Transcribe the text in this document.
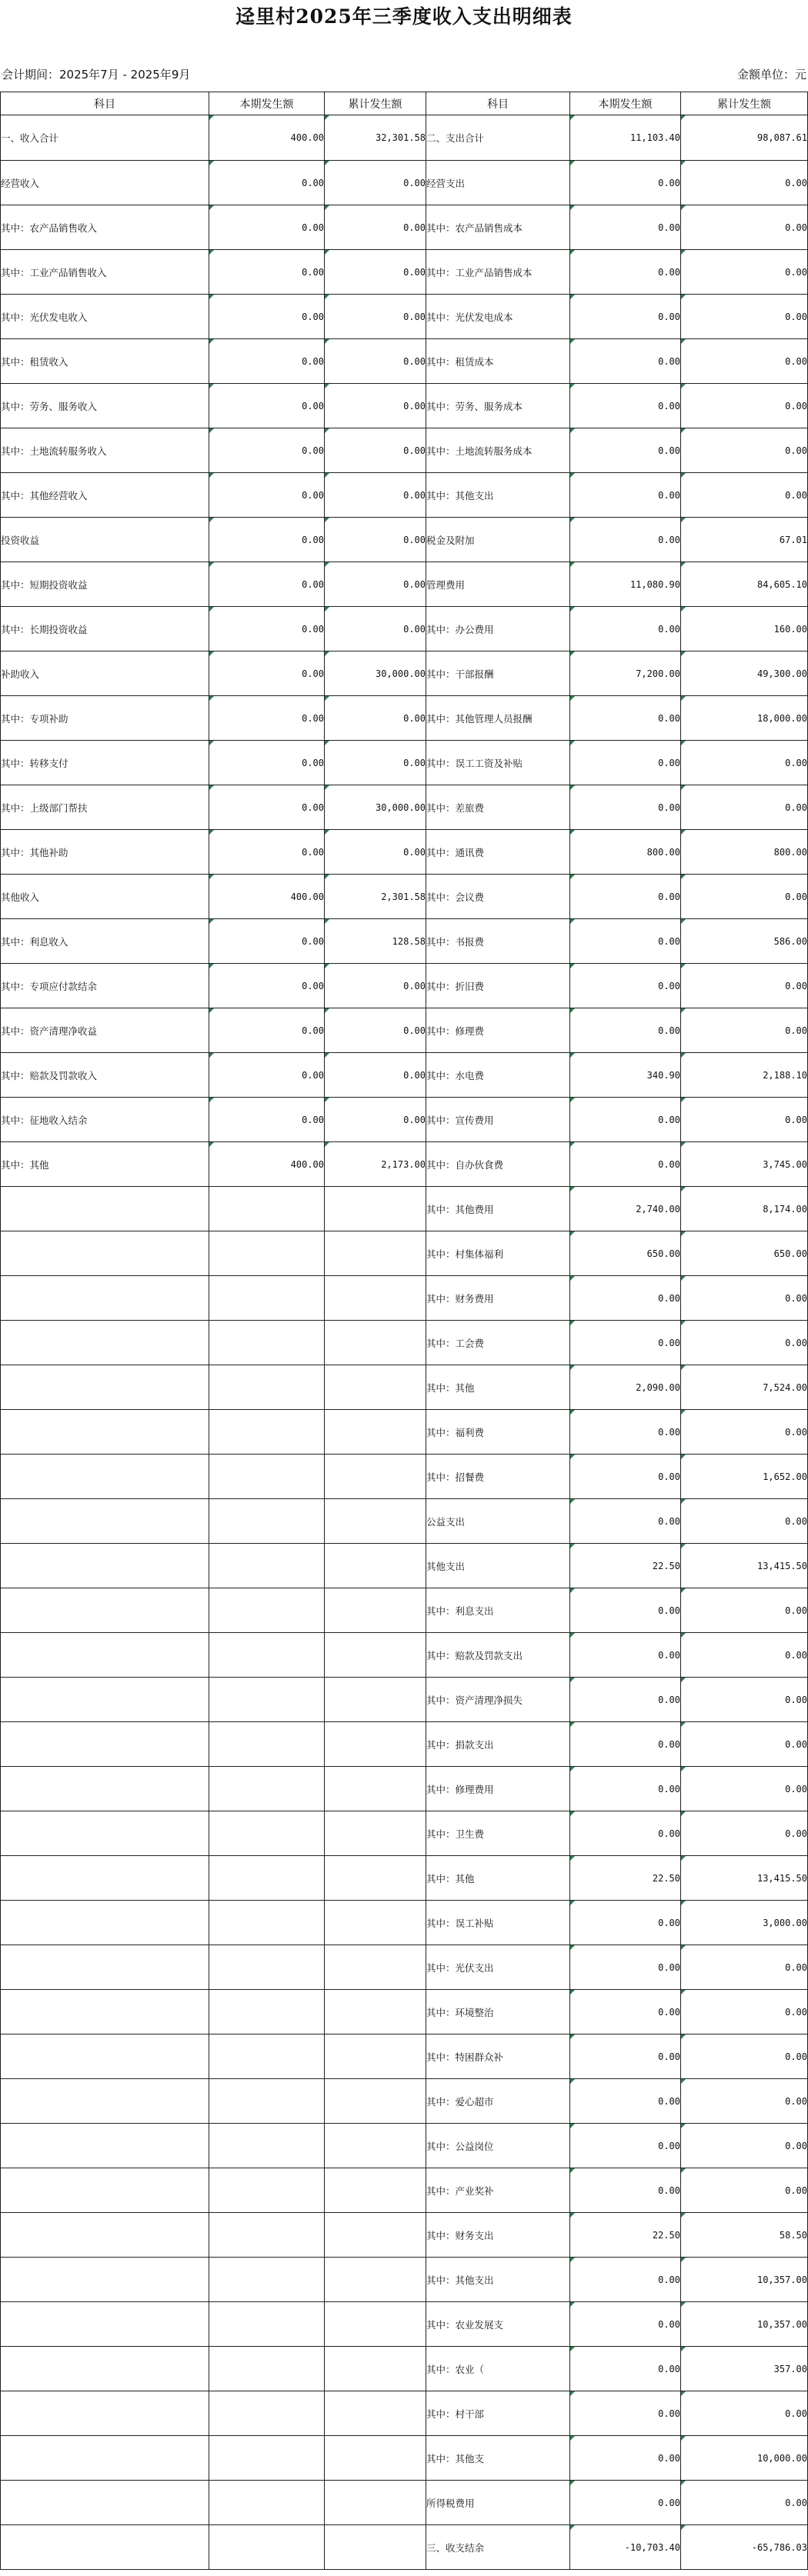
迳里村2025年三季度收入支出明细表
会计期间：2025年7月 - 2025年9月	金额单位：元
科目	本期发生额	累计发生额	科目	本期发生额	累计发生额
一、收入合计	400.00	32,301.58	二、支出合计	11,103.40	98,087.61
经营收入	0.00	0.00	经营支出	0.00	0.00
其中：农产品销售收入	0.00	0.00	其中：农产品销售成本	0.00	0.00
其中：工业产品销售收入	0.00	0.00	其中：工业产品销售成本	0.00	0.00
其中：光伏发电收入	0.00	0.00	其中：光伏发电成本	0.00	0.00
其中：租赁收入	0.00	0.00	其中：租赁成本	0.00	0.00
其中：劳务、服务收入	0.00	0.00	其中：劳务、服务成本	0.00	0.00
其中：土地流转服务收入	0.00	0.00	其中：土地流转服务成本	0.00	0.00
其中：其他经营收入	0.00	0.00	其中：其他支出	0.00	0.00
投资收益	0.00	0.00	税金及附加	0.00	67.01
其中：短期投资收益	0.00	0.00	管理费用	11,080.90	84,605.10
其中：长期投资收益	0.00	0.00	其中：办公费用	0.00	160.00
补助收入	0.00	30,000.00	其中：干部报酬	7,200.00	49,300.00
其中：专项补助	0.00	0.00	其中：其他管理人员报酬	0.00	18,000.00
其中：转移支付	0.00	0.00	其中：误工工资及补贴	0.00	0.00
其中：上级部门帮扶	0.00	30,000.00	其中：差旅费	0.00	0.00
其中：其他补助	0.00	0.00	其中：通讯费	800.00	800.00
其他收入	400.00	2,301.58	其中：会议费	0.00	0.00
其中：利息收入	0.00	128.58	其中：书报费	0.00	586.00
其中：专项应付款结余	0.00	0.00	其中：折旧费	0.00	0.00
其中：资产清理净收益	0.00	0.00	其中：修理费	0.00	0.00
其中：赔款及罚款收入	0.00	0.00	其中：水电费	340.90	2,188.10
其中：征地收入结余	0.00	0.00	其中：宣传费用	0.00	0.00
其中：其他	400.00	2,173.00	其中：自办伙食费	0.00	3,745.00
			其中：其他费用	2,740.00	8,174.00
			其中：村集体福利	650.00	650.00
			其中：财务费用	0.00	0.00
			其中：工会费	0.00	0.00
			其中：其他	2,090.00	7,524.00
			其中：福利费	0.00	0.00
			其中：招餐费	0.00	1,652.00
			公益支出	0.00	0.00
			其他支出	22.50	13,415.50
			其中：利息支出	0.00	0.00
			其中：赔款及罚款支出	0.00	0.00
			其中：资产清理净损失	0.00	0.00
			其中：捐款支出	0.00	0.00
			其中：修理费用	0.00	0.00
			其中：卫生费	0.00	0.00
			其中：其他	22.50	13,415.50
			其中：误工补贴	0.00	3,000.00
			其中：光伏支出	0.00	0.00
			其中：环境整治	0.00	0.00
			其中：特困群众补	0.00	0.00
			其中：爱心超市	0.00	0.00
			其中：公益岗位	0.00	0.00
			其中：产业奖补	0.00	0.00
			其中：财务支出	22.50	58.50
			其中：其他支出	0.00	10,357.00
			其中：农业发展支	0.00	10,357.00
			其中：农业（	0.00	357.00
			其中：村干部	0.00	0.00
			其中：其他支	0.00	10,000.00
			所得税费用	0.00	0.00
			三、收支结余	-10,703.40	-65,786.03
